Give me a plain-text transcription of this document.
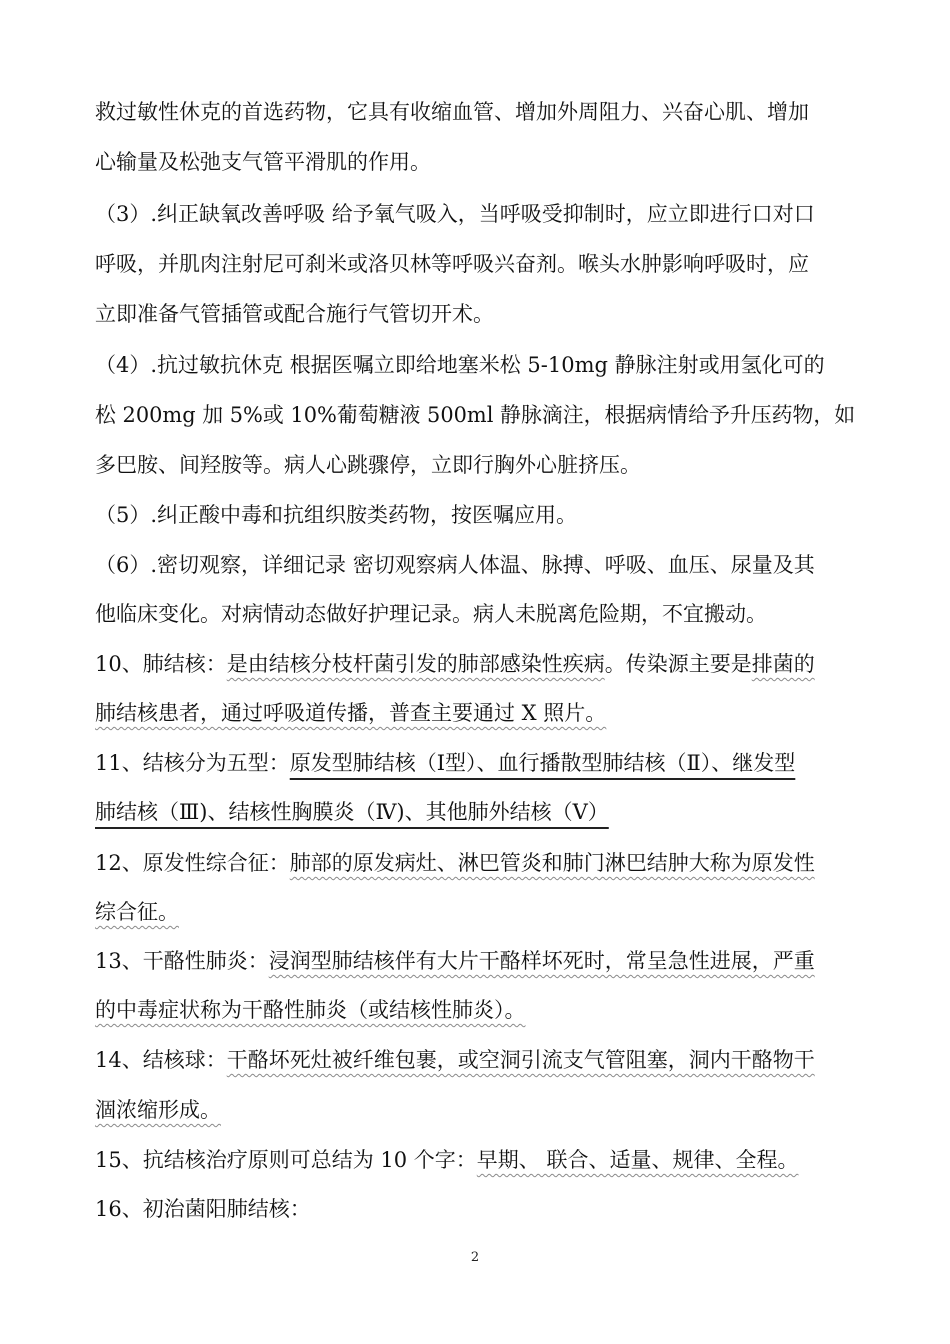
救过敏性休克的首选药物，它具有收缩血管、增加外周阻力、兴奋心肌、增加
心输量及松弛支气管平滑肌的作用。
（3）.纠正缺氧改善呼吸 给予氧气吸入，当呼吸受抑制时，应立即进行口对口
呼吸，并肌肉注射尼可刹米或洛贝林等呼吸兴奋剂。喉头水肿影响呼吸时，应
立即准备气管插管或配合施行气管切开术。
（4）.抗过敏抗休克 根据医嘱立即给地塞米松 5-10mg 静脉注射或用氢化可的
松 200mg 加 5%或 10%葡萄糖液 500ml 静脉滴注，根据病情给予升压药物，如
多巴胺、间羟胺等。病人心跳骤停，立即行胸外心脏挤压。
（5）.纠正酸中毒和抗组织胺类药物，按医嘱应用。
（6）.密切观察，详细记录 密切观察病人体温、脉搏、呼吸、血压、尿量及其
他临床变化。对病情动态做好护理记录。病人未脱离危险期，不宜搬动。
10、肺结核：是由结核分枝杆菌引发的肺部感染性疾病。传染源主要是排菌的
肺结核患者，通过呼吸道传播，普查主要通过 X 照片。
11、结核分为五型：原发型肺结核（Ⅰ型）、血行播散型肺结核（Ⅱ）、继发型
肺结核（Ⅲ)、结核性胸膜炎（Ⅳ)、其他肺外结核（Ⅴ）
12、原发性综合征：肺部的原发病灶、淋巴管炎和肺门淋巴结肿大称为原发性
综合征。
13、干酪性肺炎：浸润型肺结核伴有大片干酪样坏死时，常呈急性进展，严重
的中毒症状称为干酪性肺炎（或结核性肺炎）。
14、结核球：干酪坏死灶被纤维包裹，或空洞引流支气管阻塞，洞内干酪物干
涸浓缩形成。
15、抗结核治疗原则可总结为 10 个字：早期、 联合、适量、规律、全程。
16、初治菌阳肺结核：
2
